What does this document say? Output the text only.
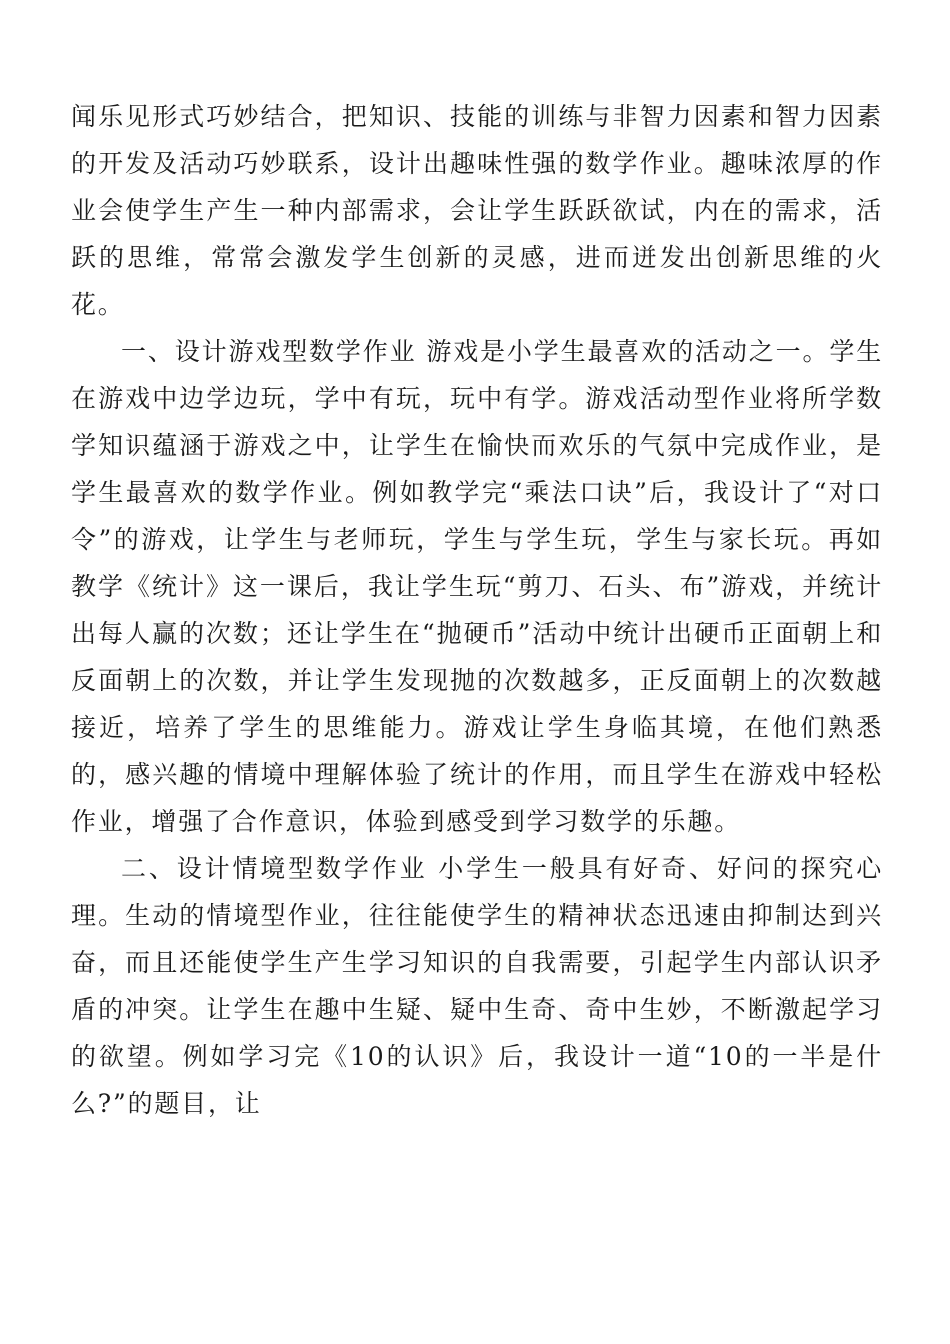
闻乐见形式巧妙结合，把知识、技能的训练与非智力因素和智力因素的开发及活动巧妙联系，设计出趣味性强的数学作业。趣味浓厚的作业会使学生产生一种内部需求，会让学生跃跃欲试，内在的需求，活跃的思维，常常会激发学生创新的灵感，进而迸发出创新思维的火花。

一、设计游戏型数学作业 游戏是小学生最喜欢的活动之一。学生在游戏中边学边玩，学中有玩，玩中有学。游戏活动型作业将所学数学知识蕴涵于游戏之中，让学生在愉快而欢乐的气氛中完成作业，是学生最喜欢的数学作业。例如教学完“乘法口诀”后，我设计了“对口令”的游戏，让学生与老师玩，学生与学生玩，学生与家长玩。再如教学《统计》这一课后，我让学生玩“剪刀、石头、布”游戏，并统计出每人赢的次数；还让学生在“抛硬币”活动中统计出硬币正面朝上和反面朝上的次数，并让学生发现抛的次数越多，正反面朝上的次数越接近，培养了学生的思维能力。游戏让学生身临其境，在他们熟悉的，感兴趣的情境中理解体验了统计的作用，而且学生在游戏中轻松作业，增强了合作意识，体验到感受到学习数学的乐趣。

二、设计情境型数学作业 小学生一般具有好奇、好问的探究心理。生动的情境型作业，往往能使学生的精神状态迅速由抑制达到兴奋，而且还能使学生产生学习知识的自我需要，引起学生内部认识矛盾的冲突。让学生在趣中生疑、疑中生奇、奇中生妙，不断激起学习的欲望。例如学习完《10的认识》后，我设计一道“10的一半是什么?”的题目，让
